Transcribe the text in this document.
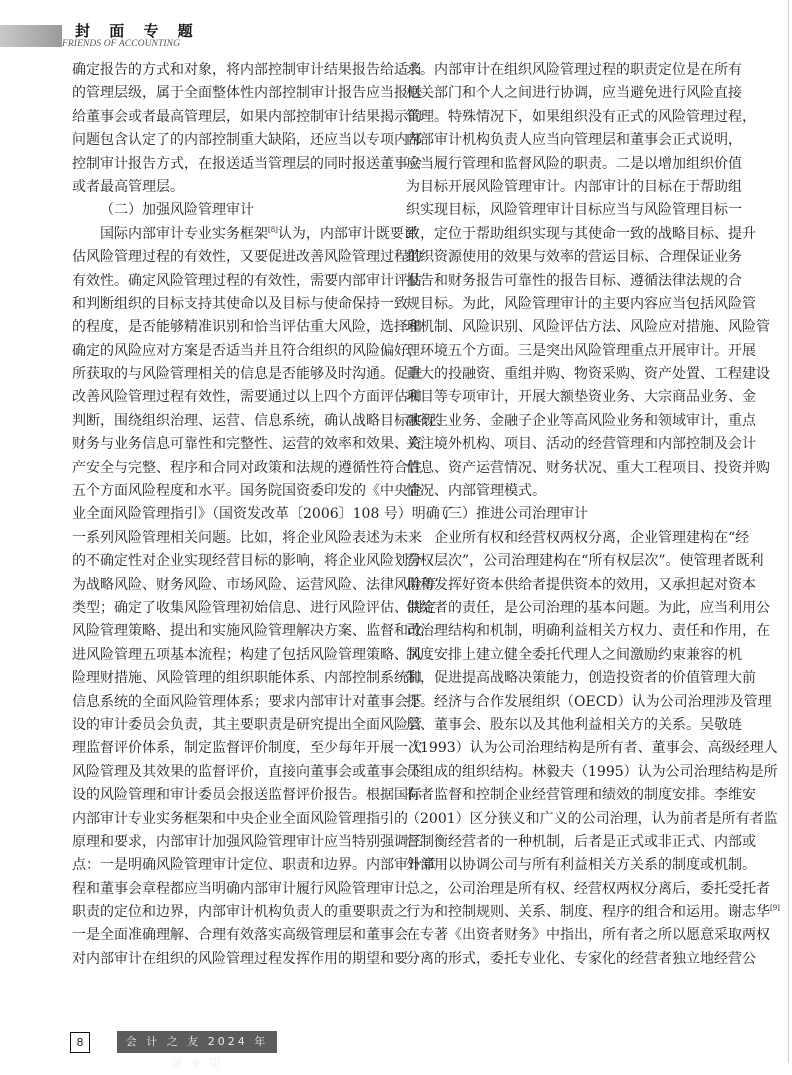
封 面 专 题
FRIENDS OF ACCOUNTING
确定报告的方式和对象，将内部控制审计结果报告给适当
的管理层级，属于全面整体性内部控制审计报告应当报送
给董事会或者最高管理层，如果内部控制审计结果揭示的
问题包含认定了的内部控制重大缺陷，还应当以专项内部
控制审计报告方式，在报送适当管理层的同时报送董事会
或者最高管理层。
（二）加强风险管理审计
国际内部审计专业实务框架[8]认为，内部审计既要评
估风险管理过程的有效性，又要促进改善风险管理过程的
有效性。确定风险管理过程的有效性，需要内部审计评估
和判断组织的目标支持其使命以及目标与使命保持一致
的程度，是否能够精准识别和恰当评估重大风险，选择和
确定的风险应对方案是否适当并且符合组织的风险偏好，
所获取的与风险管理相关的信息是否能够及时沟通。促进
改善风险管理过程有效性，需要通过以上四个方面评估和
判断，围绕组织治理、运营、信息系统，确认战略目标实现、
财务与业务信息可靠性和完整性、运营的效率和效果、资
产安全与完整、程序和合同对政策和法规的遵循性符合性
五个方面风险程度和水平。国务院国资委印发的《中央企
业全面风险管理指引》（国资发改革〔2006〕108 号）明确了
一系列风险管理相关问题。比如，将企业风险表述为未来
的不确定性对企业实现经营目标的影响，将企业风险划分
为战略风险、财务风险、市场风险、运营风险、法律风险等
类型；确定了收集风险管理初始信息、进行风险评估、制定
风险管理策略、提出和实施风险管理解决方案、监督和改
进风险管理五项基本流程；构建了包括风险管理策略、风
险理财措施、风险管理的组织职能体系、内部控制系统和
信息系统的全面风险管理体系；要求内部审计对董事会下
设的审计委员会负责，其主要职责是研究提出全面风险管
理监督评价体系，制定监督评价制度，至少每年开展一次
风险管理及其效果的监督评价，直接向董事会或董事会下
设的风险管理和审计委员会报送监督评价报告。根据国际
内部审计专业实务框架和中央企业全面风险管理指引的
原理和要求，内部审计加强风险管理审计应当特别强调三
点：一是明确风险管理审计定位、职责和边界。内部审计章
程和董事会章程都应当明确内部审计履行风险管理审计
职责的定位和边界，内部审计机构负责人的重要职责之
一是全面准确理解、合理有效落实高级管理层和董事会
对内部审计在组织的风险管理过程发挥作用的期望和要
求。内部审计在组织风险管理过程的职责定位是在所有
相关部门和个人之间进行协调，应当避免进行风险直接
管理。特殊情况下，如果组织没有正式的风险管理过程，
内部审计机构负责人应当向管理层和董事会正式说明，
应当履行管理和监督风险的职责。二是以增加组织价值
为目标开展风险管理审计。内部审计的目标在于帮助组
织实现目标，风险管理审计目标应当与风险管理目标一
致，定位于帮助组织实现与其使命一致的战略目标、提升
组织资源使用的效果与效率的营运目标、合理保证业务
报告和财务报告可靠性的报告目标、遵循法律法规的合
规目标。为此，风险管理审计的主要内容应当包括风险管
理机制、风险识别、风险评估方法、风险应对措施、风险管
理环境五个方面。三是突出风险管理重点开展审计。开展
重大的投融资、重组并购、物资采购、资产处置、工程建设
项目等专项审计，开展大额垫资业务、大宗商品业务、金
融衍生业务、金融子企业等高风险业务和领域审计，重点
关注境外机构、项目、活动的经营管理和内部控制及会计
信息、资产运营情况、财务状况、重大工程项目、投资并购
情况、内部管理模式。
（三）推进公司治理审计
企业所有权和经营权两权分离，企业管理建构在“经
营权层次”，公司治理建构在“所有权层次”。使管理者既利
用和发挥好资本供给者提供资本的效用，又承担起对资本
供给者的责任，是公司治理的基本问题。为此，应当利用公
司治理结构和机制，明确利益相关方权力、责任和作用，在
制度安排上建立健全委托代理人之间激励约束兼容的机
制，促进提高战略决策能力，创造投资者的价值管理大前
提。经济与合作发展组织（OECD）认为公司治理涉及管理
层、董事会、股东以及其他利益相关方的关系。吴敬琏
（1993）认为公司治理结构是所有者、董事会、高级经理人
员组成的组织结构。林毅夫（1995）认为公司治理结构是所
有者监督和控制企业经营管理和绩效的制度安排。李维安
（2001）区分狭义和广义的公司治理，认为前者是所有者监
督制衡经营者的一种机制，后者是正式或非正式、内部或
外部用以协调公司与所有利益相关方关系的制度或机制。
总之，公司治理是所有权、经营权两权分离后，委托受托者
行为和控制规则、关系、制度、程序的组合和运用。谢志华[9]
在专著《出资者财务》中指出，所有者之所以愿意采取两权
分离的形式，委托专业化、专家化的经营者独立地经营公
8	会 计 之 友 2024 年 第 9 期
